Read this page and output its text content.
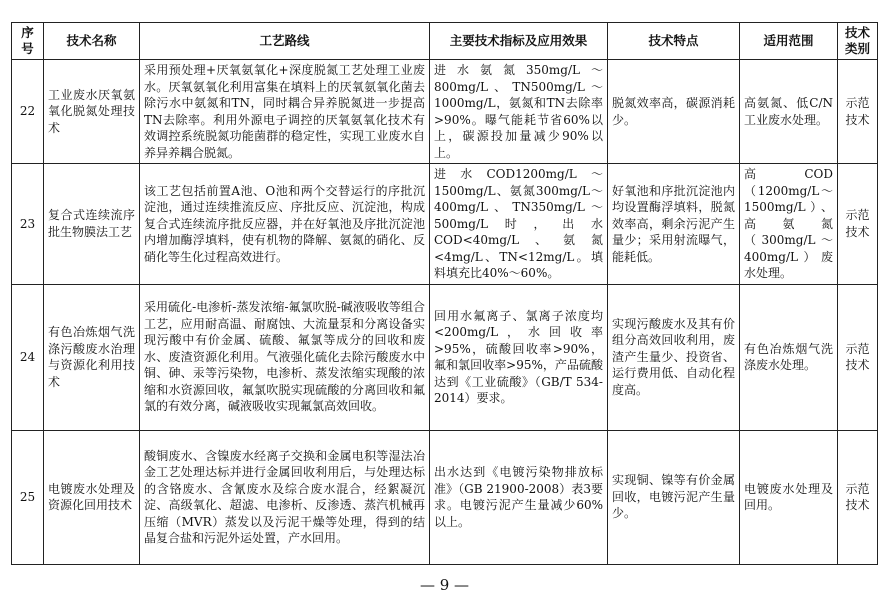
序号	技术名称	工艺路线	主要技术指标及应用效果	技术特点	适用范围	技术类别
22	工业废水厌氧氨氧化脱氮处理技术	采用预处理+厌氧氨氧化+深度脱氮工艺处理工业废水。厌氧氨氧化利用富集在填料上的厌氧氨氧化菌去除污水中氨氮和TN，同时耦合异养脱氮进一步提高TN去除率。利用外源电子调控的厌氧氨氧化技术有效调控系统脱氮功能菌群的稳定性，实现工业废水自养异养耦合脱氮。	进水氨氮350mg/L～800mg/L、TN500mg/L～1000mg/L，氨氮和TN去除率>90%。曝气能耗节省60%以上，碳源投加量减少90%以上。	脱氮效率高，碳源消耗少。	高氨氮、低C/N工业废水处理。	示范技术
23	复合式连续流序批生物膜法工艺	该工艺包括前置A池、O池和两个交替运行的序批沉淀池，通过连续推流反应、序批反应、沉淀池，构成复合式连续流序批反应器，并在好氧池及序批沉淀池内增加酶浮填料，使有机物的降解、氨氮的硝化、反硝化等生化过程高效进行。	进水COD1200mg/L～1500mg/L、氨氮300mg/L～400mg/L、TN350mg/L～500mg/L时，出水COD<40mg/L、氨氮<4mg/L、TN<12mg/L。填料填充比40%～60%。	好氧池和序批沉淀池内均设置酶浮填料，脱氮效率高，剩余污泥产生量少；采用射流曝气，能耗低。	高COD（1200mg/L～1500mg/L）、高氨氮（300mg/L～400mg/L）废水处理。	示范技术
24	有色冶炼烟气洗涤污酸废水治理与资源化利用技术	采用硫化-电渗析-蒸发浓缩-氟氯吹脱-碱液吸收等组合工艺，应用耐高温、耐腐蚀、大流量泵和分离设备实现污酸中有价金属、硫酸、氟氯等成分的回收和废水、废渣资源化利用。气液强化硫化去除污酸废水中铜、砷、汞等污染物，电渗析、蒸发浓缩实现酸的浓缩和水资源回收，氟氯吹脱实现硫酸的分离回收和氟氯的有效分离，碱液吸收实现氟氯高效回收。	回用水氟离子、氯离子浓度均<200mg/L，水回收率>95%，硫酸回收率>90%，氟和氯回收率>95%，产品硫酸达到《工业硫酸》（GB/T 534-2014）要求。	实现污酸废水及其有价组分高效回收利用，废渣产生量少、投资省、运行费用低、自动化程度高。	有色冶炼烟气洗涤废水处理。	示范技术
25	电镀废水处理及资源化回用技术	酸铜废水、含镍废水经离子交换和金属电积等湿法冶金工艺处理达标并进行金属回收利用后，与处理达标的含铬废水、含氰废水及综合废水混合，经絮凝沉淀、高级氧化、超滤、电渗析、反渗透、蒸汽机械再压缩（MVR）蒸发以及污泥干燥等处理，得到的结晶复合盐和污泥外运处置，产水回用。	出水达到《电镀污染物排放标准》（GB 21900-2008）表3要求。电镀污泥产生量减少60%以上。	实现铜、镍等有价金属回收，电镀污泥产生量少。	电镀废水处理及回用。	示范技术
— 9 —
